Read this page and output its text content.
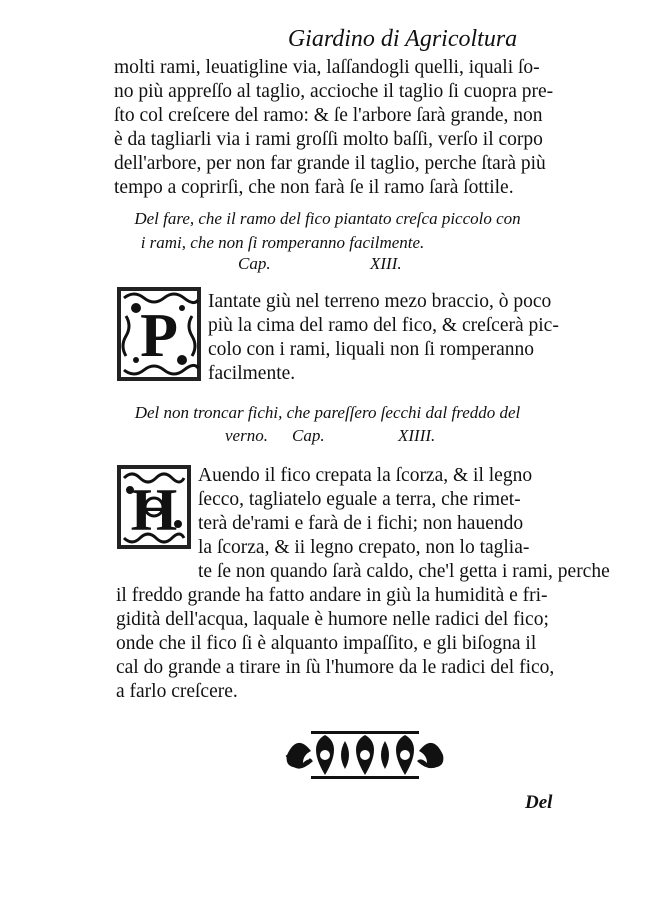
Giardino di Agricoltura
molti rami, leuatigline via, laſſandogli quelli, iquali ſo-
no più appreſſo al taglio, accioche il taglio ſi cuopra pre-
ſto col creſcere del ramo: & ſe l'arbore ſarà grande, non
è da tagliarli via i rami groſſi molto baſſi, verſo il corpo
dell'arbore, per non far grande il taglio, perche ſtarà più
tempo a coprirſi, che non farà ſe il ramo ſarà ſottile.
Del fare, che il ramo del fico piantato creſca piccolo con
i rami, che non ſi romperanno facilmente.
Cap.	XIII.
P
Iantate giù nel terreno mezo braccio, ò poco
più la cima del ramo del fico, & creſcerà pic-
colo con i rami, liquali non ſi romperanno
facilmente.
Del non troncar fichi, che pareſſero ſecchi dal freddo del
verno. Cap.	XIIII.
H
Auendo il fico crepata la ſcorza, & il legno
ſecco, tagliatelo eguale a terra, che rimet-
terà de'rami e farà de i fichi; non hauendo
la ſcorza, & ii legno crepato, non lo taglia-
te ſe non quando ſarà caldo, che'l getta i rami, perche
il freddo grande ha fatto andare in giù la humidità e fri-
gidità dell'acqua, laquale è humore nelle radici del fico;
onde che il fico ſi è alquanto impaſſito, e gli biſogna il
cal do grande a tirare in ſù l'humore da le radici del fico,
a farlo creſcere.
Del
